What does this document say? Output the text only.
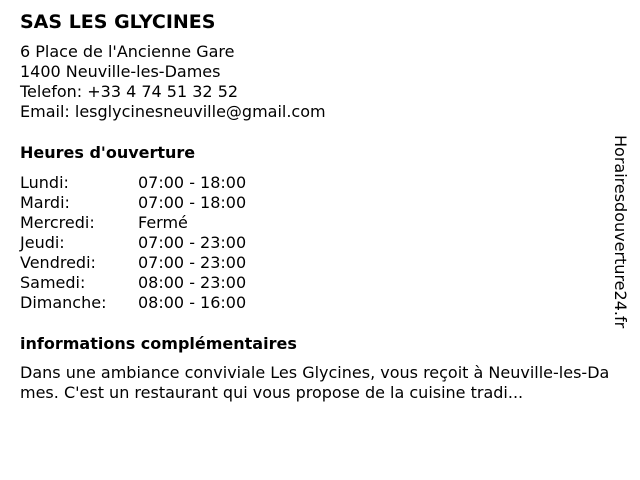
SAS LES GLYCINES
6 Place de l'Ancienne Gare
1400 Neuville-les-Dames
Telefon: +33 4 74 51 32 52
Email: lesglycinesneuville@gmail.com
Heures d'ouverture
Lundi:	07:00 - 18:00
Mardi:	07:00 - 18:00
Mercredi:	Fermé
Jeudi:	07:00 - 23:00
Vendredi:	07:00 - 23:00
Samedi:	08:00 - 23:00
Dimanche:	08:00 - 16:00
informations complémentaires
Dans une ambiance conviviale Les Glycines, vous reçoit à Neuville-les-Dames. C'est un restaurant qui vous propose de la cuisine tradi...
Horairesdouverture24.fr
